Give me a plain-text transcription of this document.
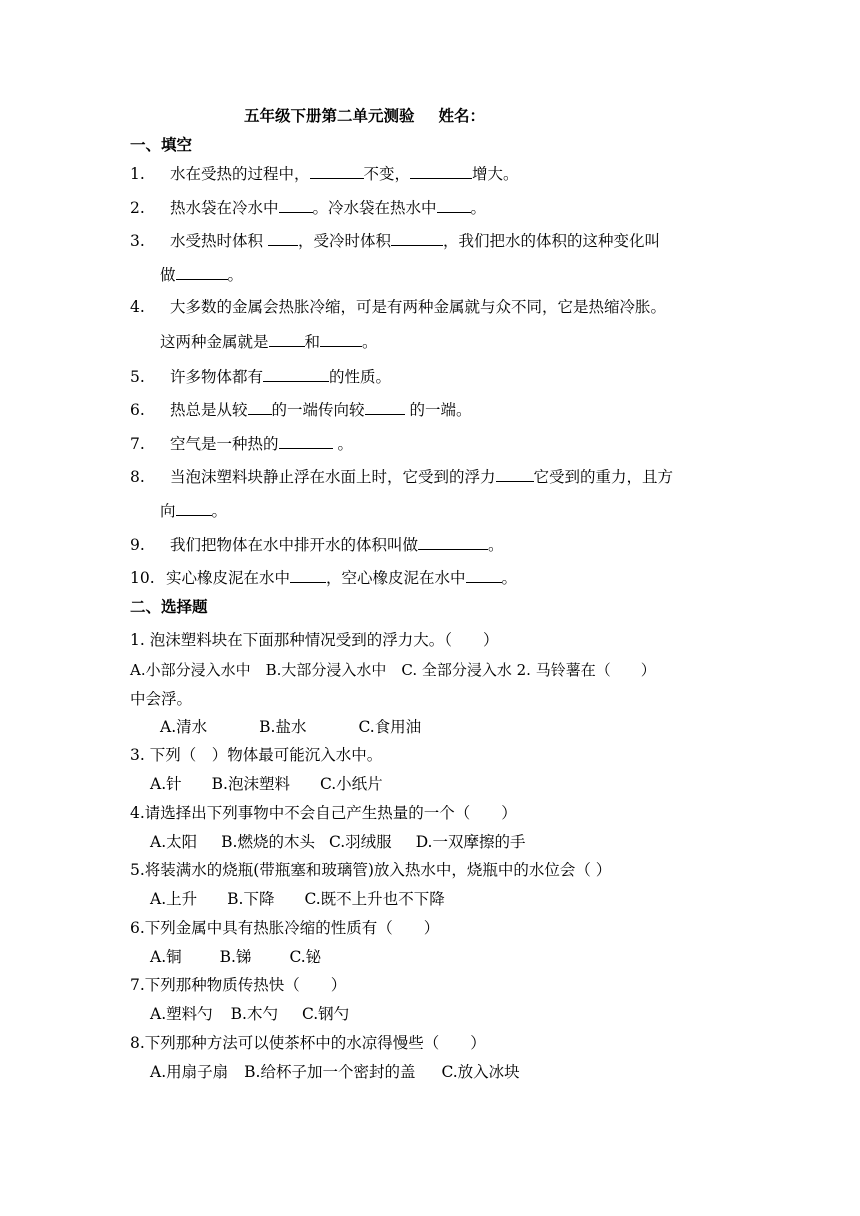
五年级下册第二单元测验 姓名：
一、填空
1. 水在受热的过程中，	不变，	增大。
2. 热水袋在冷水中 。冷水袋在热水中 。
3. 水受热时体积 ，受冷时体积	，我们把水的体积的这种变化叫
做	。
4. 大多数的金属会热胀冷缩，可是有两种金属就与众不同，它是热缩冷胀。
这两种金属就是 和	。
5. 许多物体都有	的性质。
6. 热总是从较 的一端传向较	的一端。
7. 空气是一种热的	。
8. 当泡沫塑料块静止浮在水面上时，它受到的浮力 它受到的重力，且方
向 。
9. 我们把物体在水中排开水的体积叫做	。
10. 实心橡皮泥在水中 ，空心橡皮泥在水中 。
二、选择题
1. 泡沫塑料块在下面那种情况受到的浮力大。（　　）
A.小部分浸入水中　B.大部分浸入水中　C. 全部分浸入水 2. 马铃薯在（　　）
中会浮。
A.清水	B.盐水	C.食用油
3. 下列（　）物体最可能沉入水中。
A.针 B.泡沫塑料 C.小纸片
4.请选择出下列事物中不会自己产生热量的一个（　　）
A.太阳 B.燃烧的木头 C.羽绒服 D.一双摩擦的手
5.将装满水的烧瓶(带瓶塞和玻璃管)放入热水中，烧瓶中的水位会（ ）
A.上升 B.下降 C.既不上升也不下降
6.下列金属中具有热胀冷缩的性质有（　　）
A.铜 B.锑 C.铋
7.下列那种物质传热快（　　）
A.塑料勺 B.木勺 C.钢勺
8.下列那种方法可以使茶杯中的水凉得慢些（　　）
A.用扇子扇 B.给杯子加一个密封的盖 C.放入冰块
